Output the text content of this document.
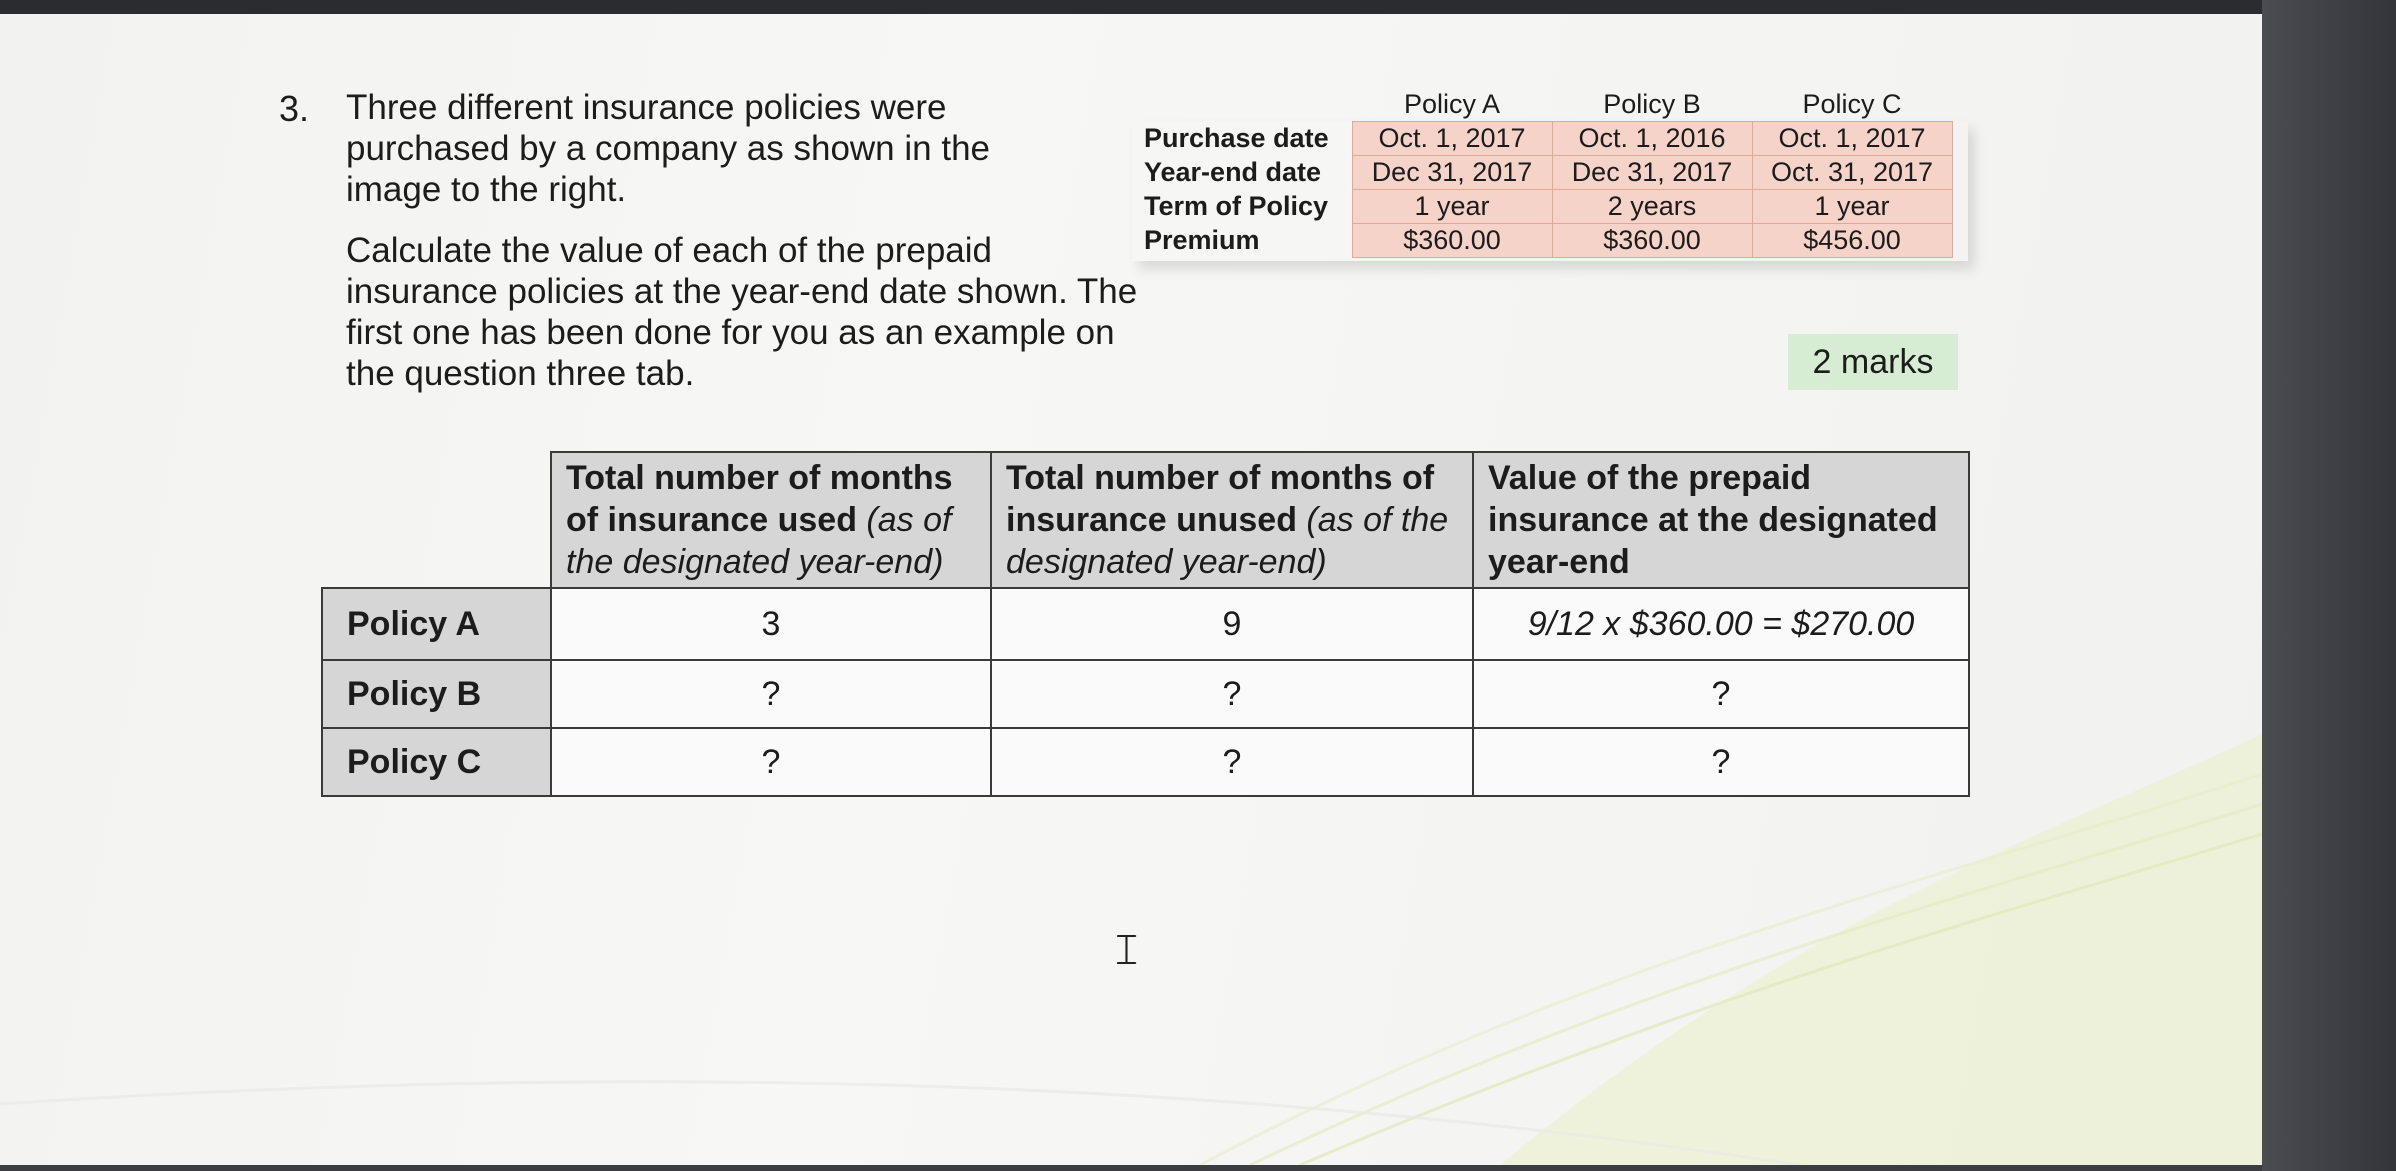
3. Three different insurance policies were purchased by a company as shown in the image to the right.
Calculate the value of each of the prepaid insurance policies at the year-end date shown. The first one has been done for you as an example on the question three tab.	2 marks
	Policy A	Policy B	Policy C
Purchase date	Oct. 1, 2017	Oct. 1, 2016	Oct. 1, 2017
Year-end date	Dec 31, 2017	Dec 31, 2017	Oct. 31, 2017
Term of Policy	1 year	2 years	1 year
Premium	$360.00	$360.00	$456.00
	Total number of months of insurance used (as of the designated year-end)	Total number of months of insurance unused (as of the designated year-end)	Value of the prepaid insurance at the designated year-end
Policy A	3	9	9/12 x $360.00 = $270.00
Policy B	?	?	?
Policy C	?	?	?
𝙸
